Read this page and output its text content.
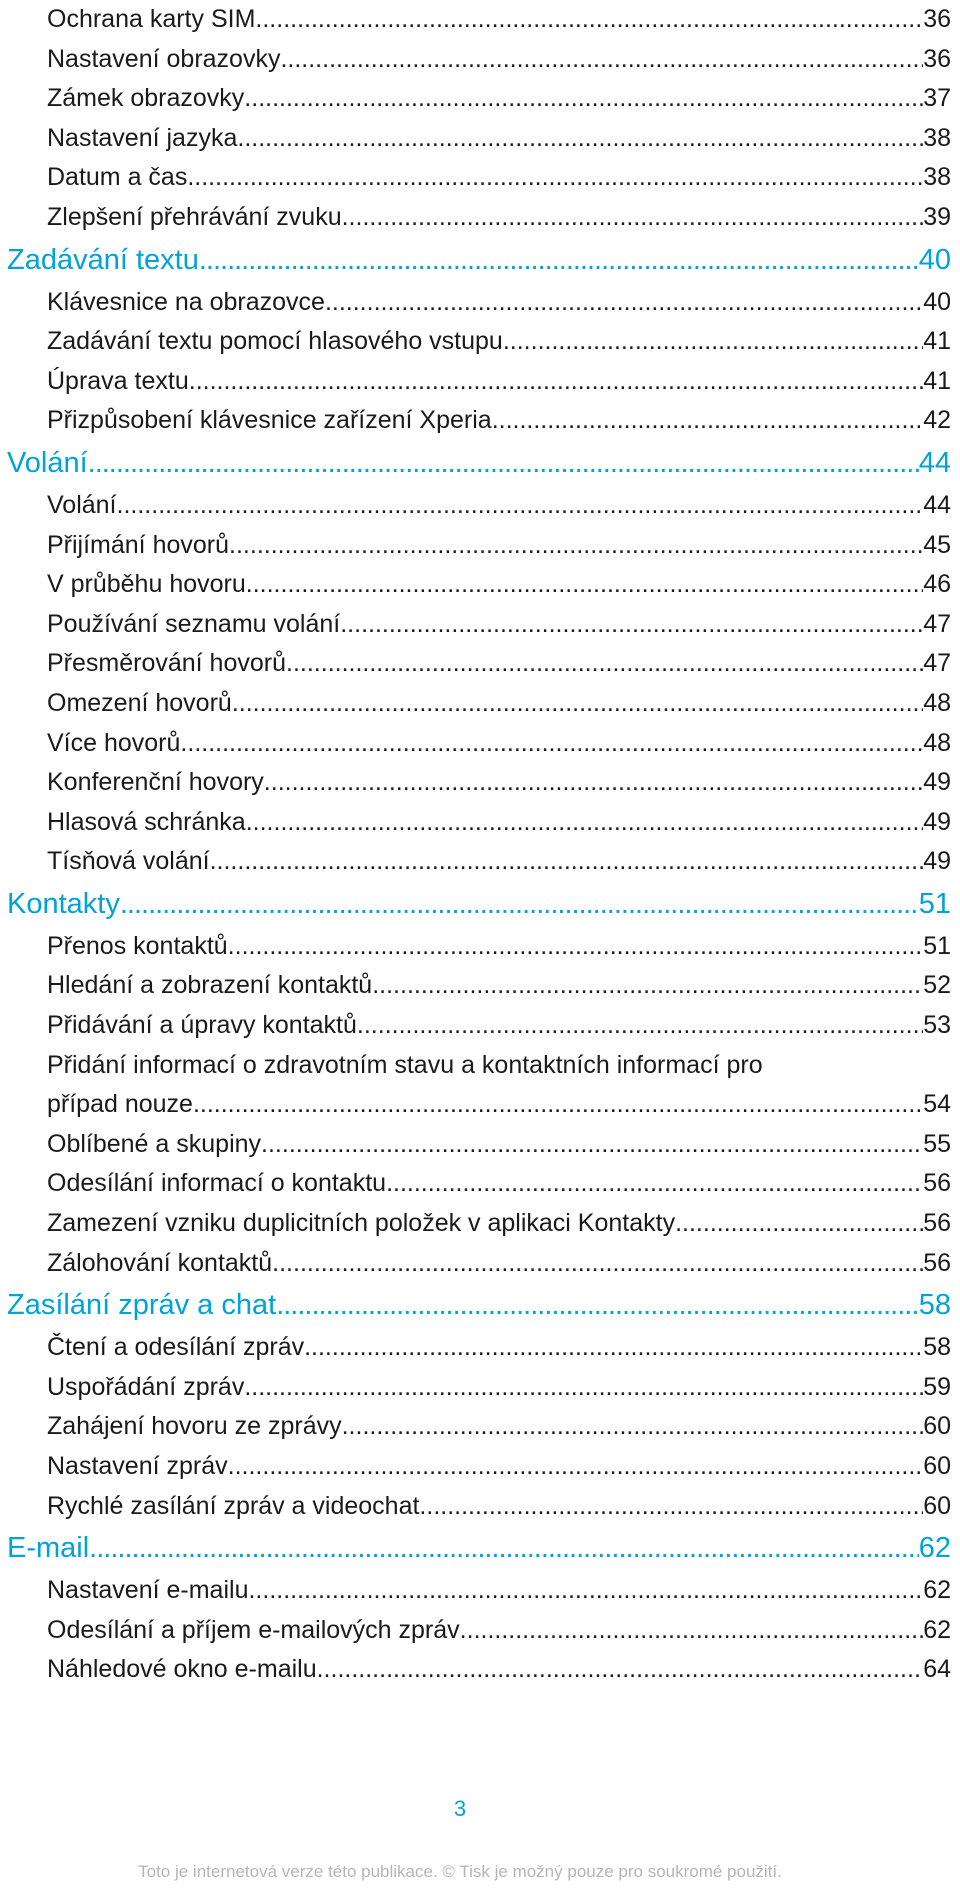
Ochrana karty SIM .....	36
Nastavení obrazovky .....	36
Zámek obrazovky .....	37
Nastavení jazyka .....	38
Datum a čas .....	38
Zlepšení přehrávání zvuku .....	39
Zadávání textu .....	40
Klávesnice na obrazovce .....	40
Zadávání textu pomocí hlasového vstupu .....	41
Úprava textu .....	41
Přizpůsobení klávesnice zařízení Xperia .....	42
Volání .....	44
Volání .....	44
Přijímání hovorů .....	45
V průběhu hovoru .....	46
Používání seznamu volání .....	47
Přesměrování hovorů .....	47
Omezení hovorů .....	48
Více hovorů .....	48
Konferenční hovory .....	49
Hlasová schránka .....	49
Tísňová volání .....	49
Kontakty .....	51
Přenos kontaktů .....	51
Hledání a zobrazení kontaktů .....	52
Přidávání a úpravy kontaktů .....	53
Přidání informací o zdravotním stavu a kontaktních informací pro
případ nouze .....	54
Oblíbené a skupiny .....	55
Odesílání informací o kontaktu .....	56
Zamezení vzniku duplicitních položek v aplikaci Kontakty .....	56
Zálohování kontaktů .....	56
Zasílání zpráv a chat .....	58
Čtení a odesílání zpráv .....	58
Uspořádání zpráv .....	59
Zahájení hovoru ze zprávy .....	60
Nastavení zpráv .....	60
Rychlé zasílání zpráv a videochat .....	60
E-mail .....	62
Nastavení e-mailu .....	62
Odesílání a příjem e-mailových zpráv .....	62
Náhledové okno e-mailu .....	64
3
Toto je internetová verze této publikace. © Tisk je možný pouze pro soukromé použití.
